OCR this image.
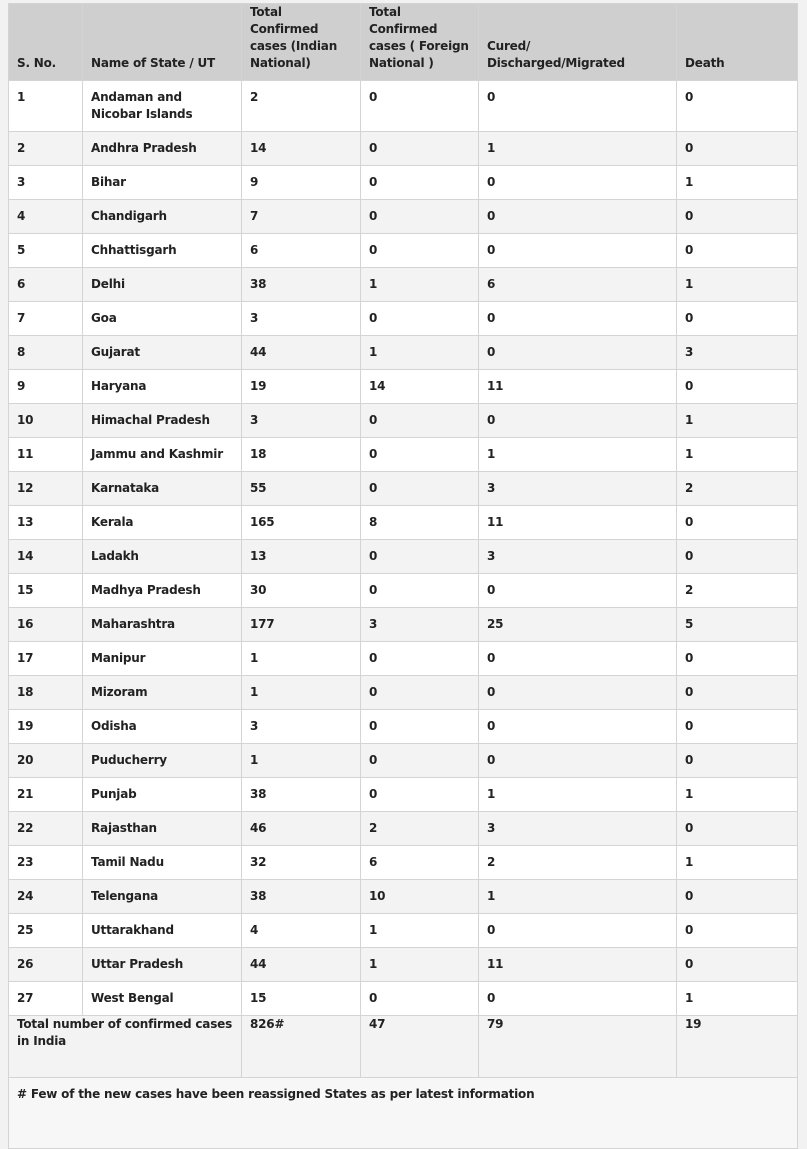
S. No.	Name of State / UT	Total Confirmed cases (Indian National)	Total Confirmed cases ( Foreign National )	Cured/ Discharged/Migrated	Death
1	Andaman and Nicobar Islands	2	0	0	0
2	Andhra Pradesh	14	0	1	0
3	Bihar	9	0	0	1
4	Chandigarh	7	0	0	0
5	Chhattisgarh	6	0	0	0
6	Delhi	38	1	6	1
7	Goa	3	0	0	0
8	Gujarat	44	1	0	3
9	Haryana	19	14	11	0
10	Himachal Pradesh	3	0	0	1
11	Jammu and Kashmir	18	0	1	1
12	Karnataka	55	0	3	2
13	Kerala	165	8	11	0
14	Ladakh	13	0	3	0
15	Madhya Pradesh	30	0	0	2
16	Maharashtra	177	3	25	5
17	Manipur	1	0	0	0
18	Mizoram	1	0	0	0
19	Odisha	3	0	0	0
20	Puducherry	1	0	0	0
21	Punjab	38	0	1	1
22	Rajasthan	46	2	3	0
23	Tamil Nadu	32	6	2	1
24	Telengana	38	10	1	0
25	Uttarakhand	4	1	0	0
26	Uttar Pradesh	44	1	11	0
27	West Bengal	15	0	0	1
Total number of confirmed cases in India		826#	47	79	19
# Few of the new cases have been reassigned States as per latest information					
